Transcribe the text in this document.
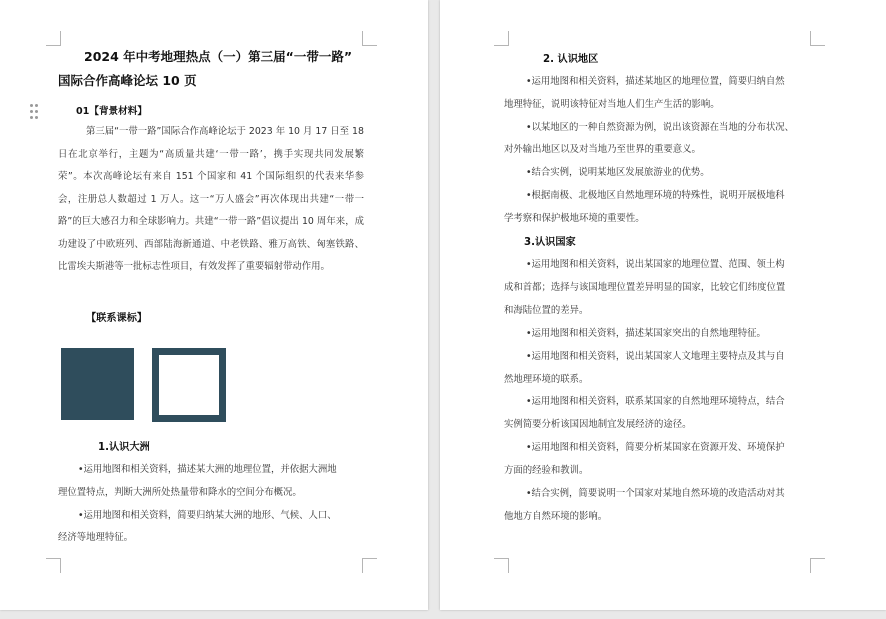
2024 年中考地理热点（一）第三届“一带一路”
国际合作高峰论坛 10 页
01【背景材料】
第三届“一带一路”国际合作高峰论坛于 2023 年 10 月 17 日至 18 日在北京举行，主题为“高质量共建‘一带一路’，携手实现共同发展繁荣”。本次高峰论坛有来自 151 个国家和 41 个国际组织的代表来华参会，注册总人数超过 1 万人。这一“万人盛会”再次体现出共建“一带一路”的巨大感召力和全球影响力。共建“一带一路”倡议提出 10 周年来，成功建设了中欧班列、西部陆海新通道、中老铁路、雅万高铁、匈塞铁路、比雷埃夫斯港等一批标志性项目，有效发挥了重要辐射带动作用。
【联系课标】
1.认识大洲
•运用地图和相关资料，描述某大洲的地理位置，并依据大洲地
理位置特点，判断大洲所处热量带和降水的空间分布概况。
•运用地图和相关资料，简要归纳某大洲的地形、气候、人口、
经济等地理特征。
2. 认识地区
•运用地图和相关资料，描述某地区的地理位置，简要归纳自然
地理特征，说明该特征对当地人们生产生活的影响。
•以某地区的一种自然资源为例，说出该资源在当地的分布状况、
对外输出地区以及对当地乃至世界的重要意义。
•结合实例，说明某地区发展旅游业的优势。
•根据南极、北极地区自然地理环境的特殊性，说明开展极地科
学考察和保护极地环境的重要性。
3.认识国家
•运用地图和相关资料，说出某国家的地理位置、范围、领土构
成和首都；选择与该国地理位置差异明显的国家，比较它们纬度位置
和海陆位置的差异。
•运用地图和相关资料，描述某国家突出的自然地理特征。
•运用地图和相关资料，说出某国家人文地理主要特点及其与自
然地理环境的联系。
•运用地图和相关资料，联系某国家的自然地理环境特点，结合
实例简要分析该国因地制宜发展经济的途径。
•运用地图和相关资料，简要分析某国家在资源开发、环境保护
方面的经验和教训。
•结合实例，简要说明一个国家对某地自然环境的改造活动对其
他地方自然环境的影响。
